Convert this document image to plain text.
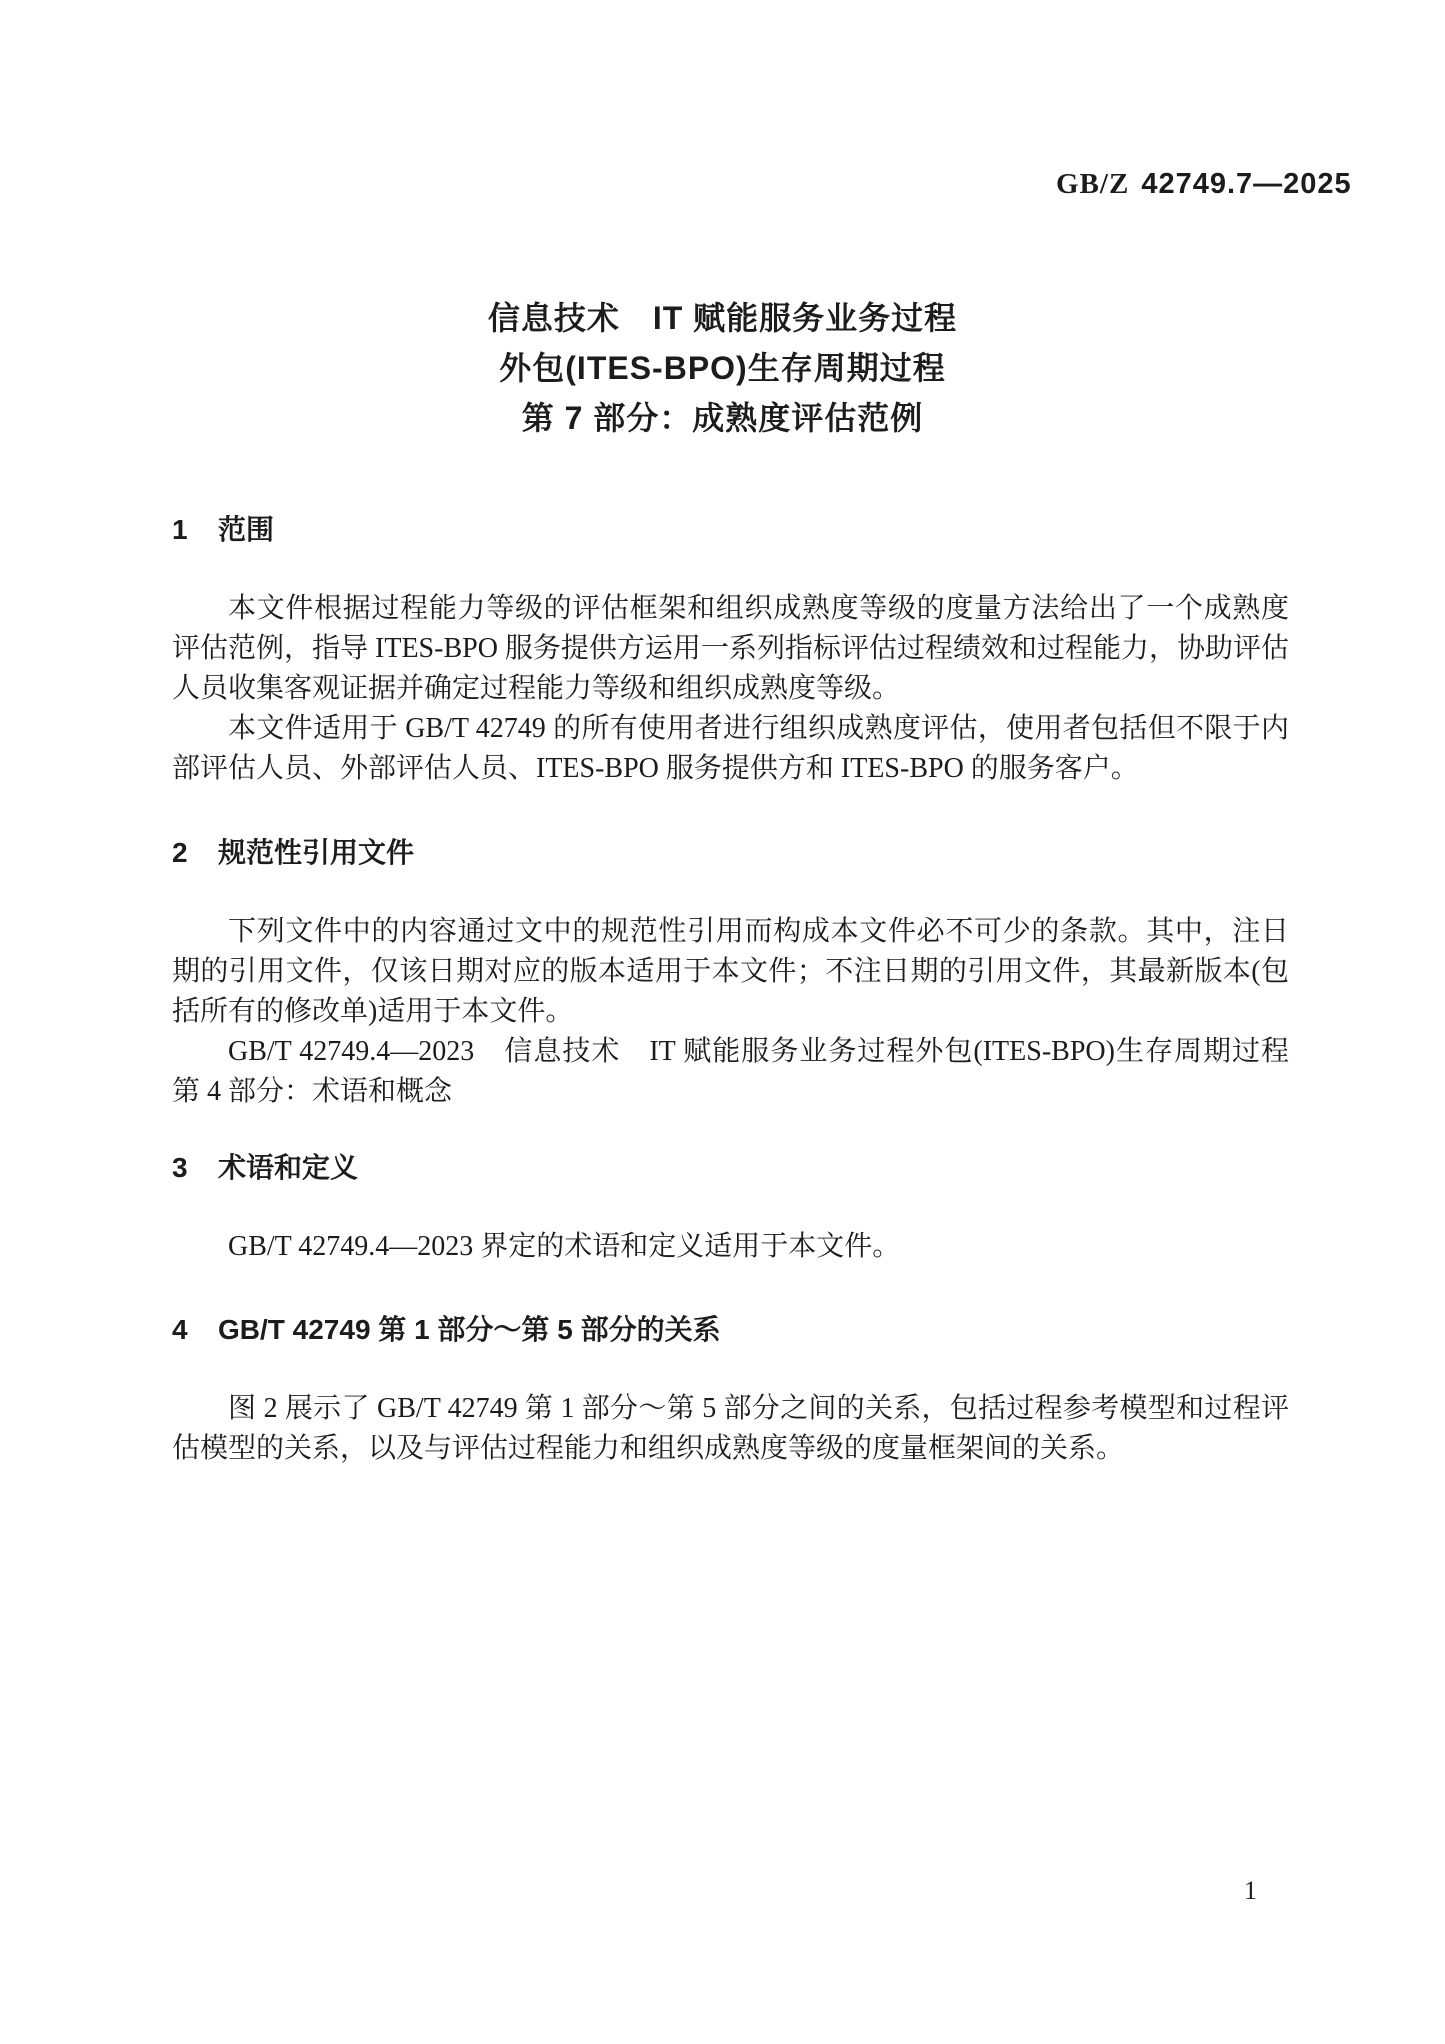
GB/Z 42749.7—2025
信息技术　IT 赋能服务业务过程
外包(ITES-BPO)生存周期过程
第 7 部分：成熟度评估范例
1 范围

本文件根据过程能力等级的评估框架和组织成熟度等级的度量方法给出了一个成熟度评估范例，指导 ITES-BPO 服务提供方运用一系列指标评估过程绩效和过程能力，协助评估人员收集客观证据并确定过程能力等级和组织成熟度等级。

本文件适用于 GB/T 42749 的所有使用者进行组织成熟度评估，使用者包括但不限于内部评估人员、外部评估人员、ITES-BPO 服务提供方和 ITES-BPO 的服务客户。

2 规范性引用文件

下列文件中的内容通过文中的规范性引用而构成本文件必不可少的条款。其中，注日期的引用文件，仅该日期对应的版本适用于本文件；不注日期的引用文件，其最新版本(包括所有的修改单)适用于本文件。

GB/T 42749.4—2023　信息技术　IT 赋能服务业务过程外包(ITES-BPO)生存周期过程　第 4 部分：术语和概念

3 术语和定义

GB/T 42749.4—2023 界定的术语和定义适用于本文件。

4 GB/T 42749 第 1 部分～第 5 部分的关系

图 2 展示了 GB/T 42749 第 1 部分～第 5 部分之间的关系，包括过程参考模型和过程评估模型的关系，以及与评估过程能力和组织成熟度等级的度量框架间的关系。

1
